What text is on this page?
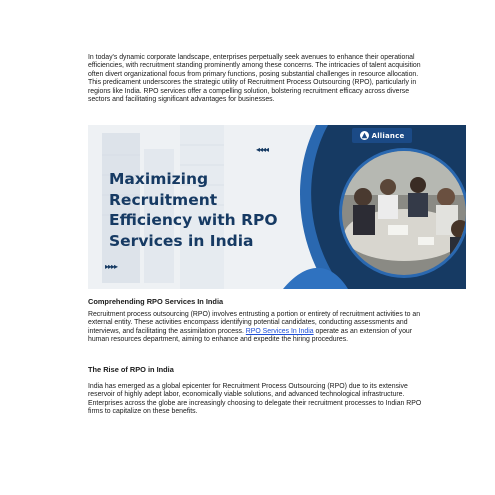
In today's dynamic corporate landscape, enterprises perpetually seek avenues to enhance their operational efficiencies, with recruitment standing prominently among these concerns. The intricacies of talent acquisition often divert organizational focus from primary functions, posing substantial challenges in resource allocation. This predicament underscores the strategic utility of Recruitment Process Outsourcing (RPO), particularly in regions like India. RPO services offer a compelling solution, bolstering recruitment efficacy across diverse sectors and facilitating significant advantages for businesses.

Alliance
◂◂◂◂

Maximizing
Recruitment
Efficiency with RPO
Services in India

▸▸▸▸

Comprehending RPO Services In India

Recruitment process outsourcing (RPO) involves entrusting a portion or entirety of recruitment activities to an external entity. These activities encompass identifying potential candidates, conducting assessments and interviews, and facilitating the assimilation process. RPO Services In India operate as an extension of your human resources department, aiming to enhance and expedite the hiring procedures.

The Rise of RPO in India

India has emerged as a global epicenter for Recruitment Process Outsourcing (RPO) due to its extensive reservoir of highly adept labor, economically viable solutions, and advanced technological infrastructure. Enterprises across the globe are increasingly choosing to delegate their recruitment processes to Indian RPO firms to capitalize on these benefits.
